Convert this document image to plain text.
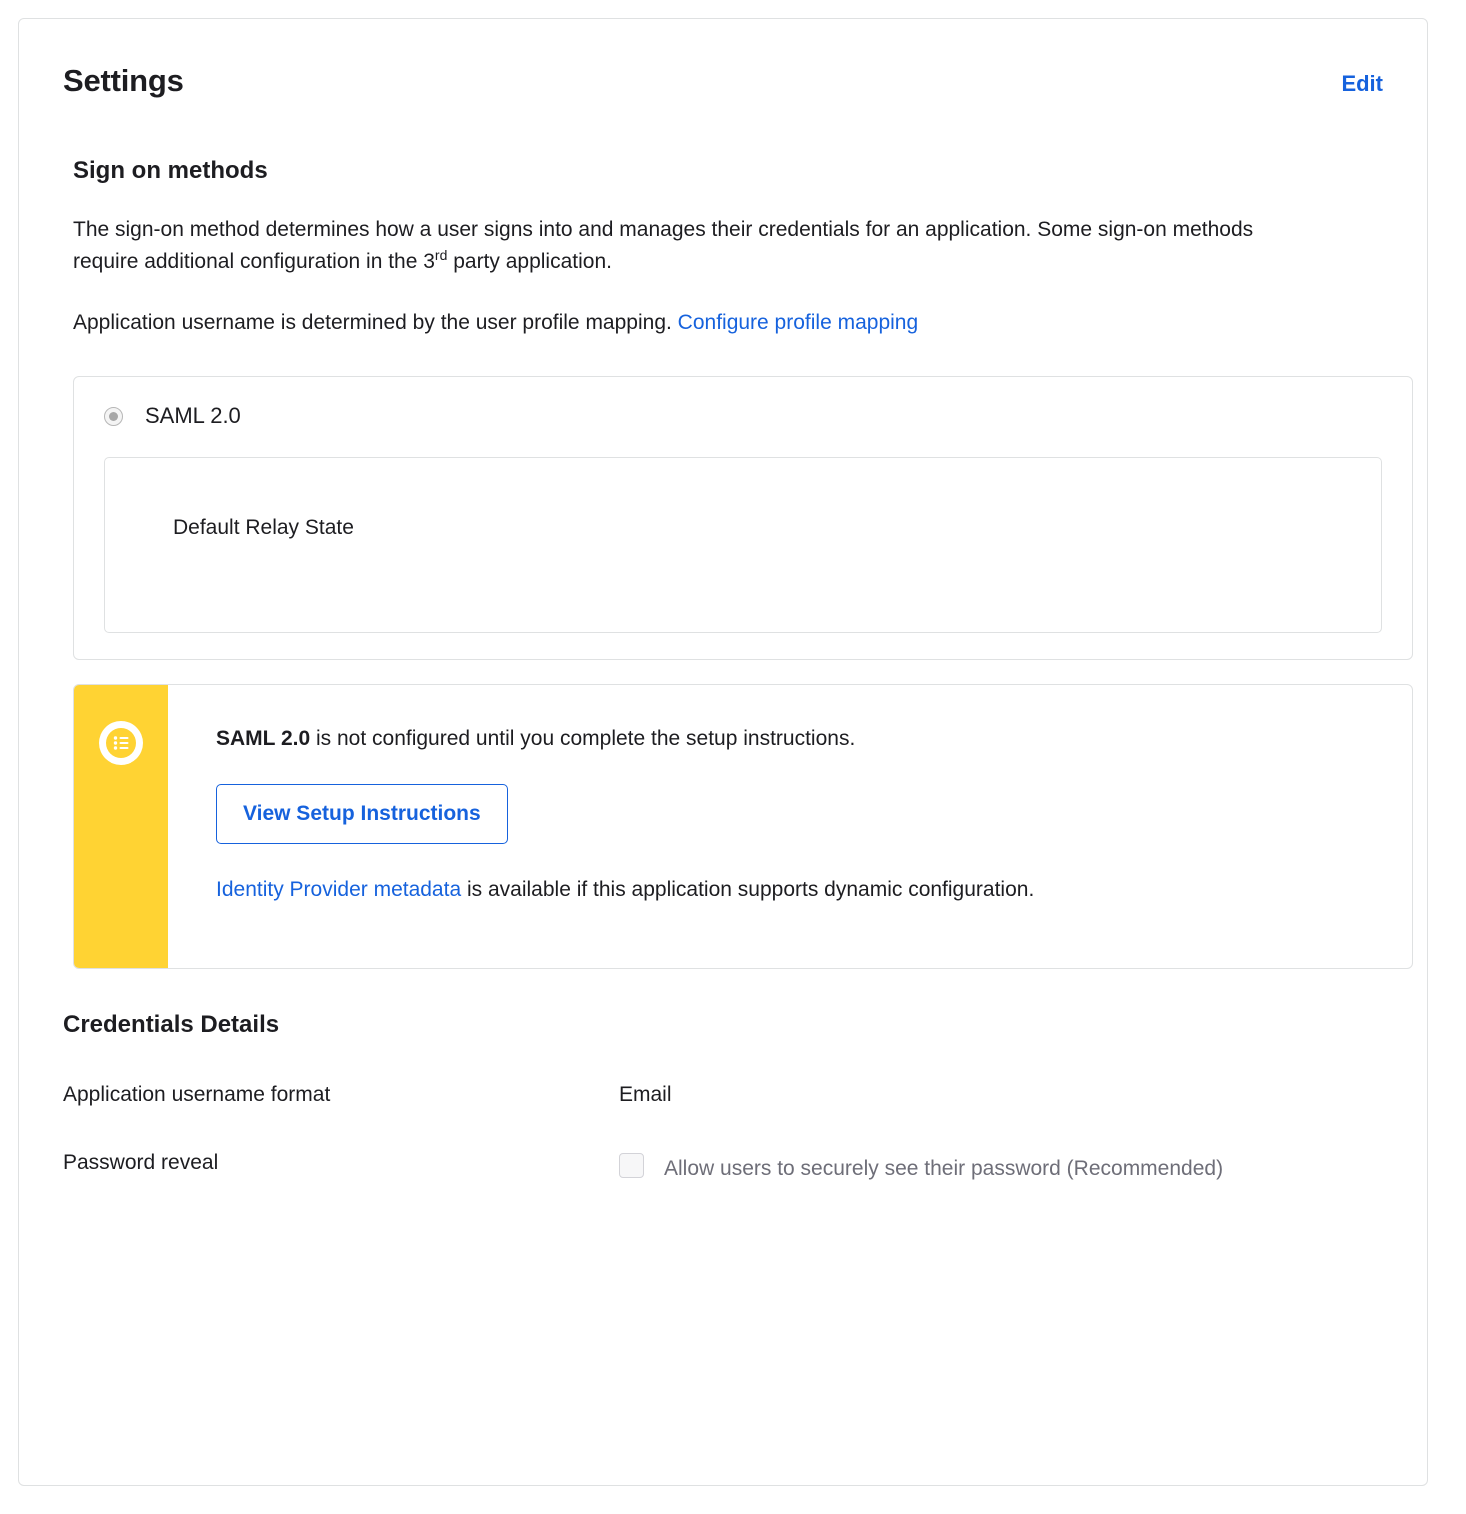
Settings	Edit
Sign on methods
The sign-on method determines how a user signs into and manages their credentials for an application. Some sign-on methods require additional configuration in the 3rd party application.
Application username is determined by the user profile mapping. Configure profile mapping
SAML 2.0
Default Relay State
SAML 2.0 is not configured until you complete the setup instructions.
View Setup Instructions
Identity Provider metadata is available if this application supports dynamic configuration.
Credentials Details
Application username format	Email
Password reveal	Allow users to securely see their password (Recommended)
